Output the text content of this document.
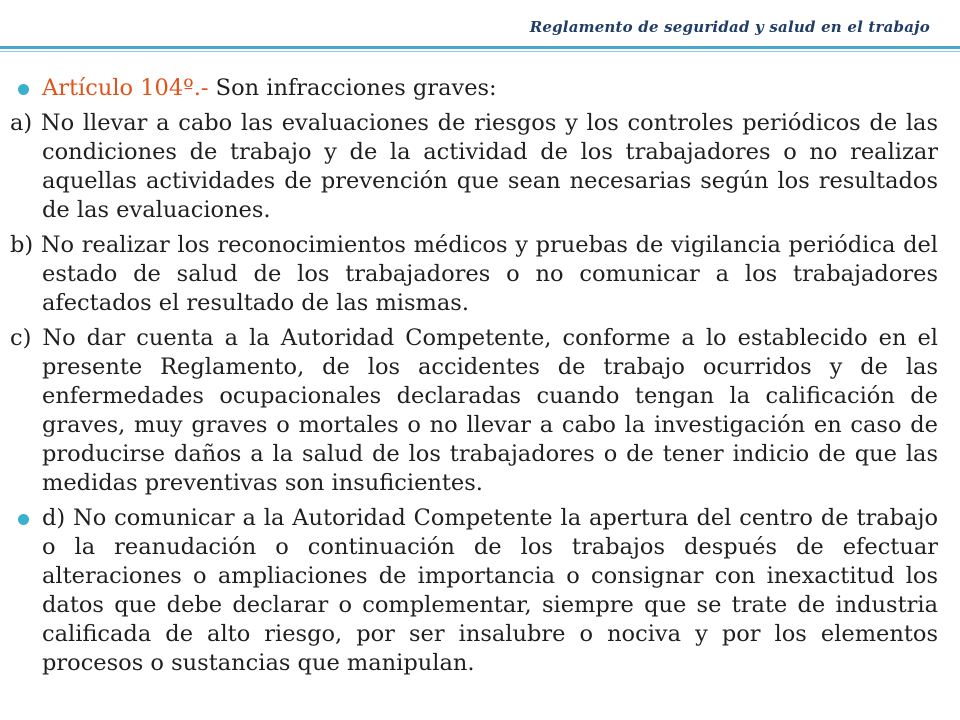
Reglamento de seguridad y salud en el trabajo

Artículo 104º.- Son infracciones graves:

a) No llevar a cabo las evaluaciones de riesgos y los controles periódicos de las condiciones de trabajo y de la actividad de los trabajadores o no realizar aquellas actividades de prevención que sean necesarias según los resultados de las evaluaciones.

b) No realizar los reconocimientos médicos y pruebas de vigilancia periódica del estado de salud de los trabajadores o no comunicar a los trabajadores afectados el resultado de las mismas.

c) No dar cuenta a la Autoridad Competente, conforme a lo establecido en el presente Reglamento, de los accidentes de trabajo ocurridos y de las enfermedades ocupacionales declaradas cuando tengan la calificación de graves, muy graves o mortales o no llevar a cabo la investigación en caso de producirse daños a la salud de los trabajadores o de tener indicio de que las medidas preventivas son insuficientes.

d) No comunicar a la Autoridad Competente la apertura del centro de trabajo o la reanudación o continuación de los trabajos después de efectuar alteraciones o ampliaciones de importancia o consignar con inexactitud los datos que debe declarar o complementar, siempre que se trate de industria calificada de alto riesgo, por ser insalubre o nociva y por los elementos procesos o sustancias que manipulan.
